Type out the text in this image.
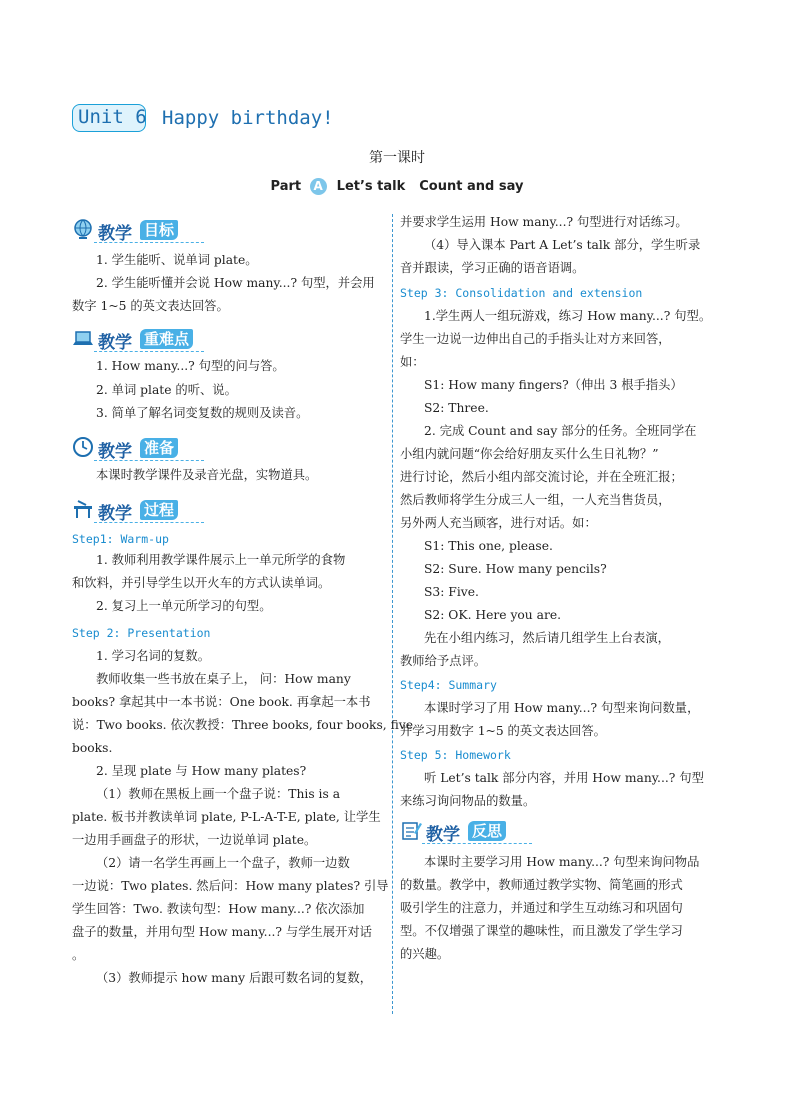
Unit 6 Happy birthday!
第一课时
Part A Let’s talk Count and say
教学 目标
1. 学生能听、说单词 plate。
2. 学生能听懂并会说 How many...? 句型，并会用
数字 1~5 的英文表达回答。
教学 重难点
1. How many...? 句型的问与答。
2. 单词 plate 的听、说。
3. 简单了解名词变复数的规则及读音。
教学 准备
本课时教学课件及录音光盘，实物道具。
教学 过程
Step1: Warm-up
1. 教师利用教学课件展示上一单元所学的食物
和饮料，并引导学生以开火车的方式认读单词。
2. 复习上一单元所学习的句型。
Step 2: Presentation
1. 学习名词的复数。
教师收集一些书放在桌子上， 问：How many
books? 拿起其中一本书说：One book. 再拿起一本书
说：Two books. 依次教授：Three books, four books, five
books.
2. 呈现 plate 与 How many plates?
（1）教师在黑板上画一个盘子说：This is a
plate. 板书并教读单词 plate, P-L-A-T-E, plate, 让学生
一边用手画盘子的形状，一边说单词 plate。
（2）请一名学生再画上一个盘子，教师一边数
一边说：Two plates. 然后问：How many plates? 引导
学生回答：Two. 教读句型：How many...? 依次添加
盘子的数量，并用句型 How many...? 与学生展开对话
。
（3）教师提示 how many 后跟可数名词的复数，
并要求学生运用 How many...? 句型进行对话练习。
（4）导入课本 Part A Let’s talk 部分，学生听录
音并跟读，学习正确的语音语调。
Step 3: Consolidation and extension
1.学生两人一组玩游戏，练习 How many...? 句型。
学生一边说一边伸出自己的手指头让对方来回答，
如：
S1: How many fingers?（伸出 3 根手指头）
S2: Three.
2. 完成 Count and say 部分的任务。全班同学在
小组内就问题“你会给好朋友买什么生日礼物？”
进行讨论，然后小组内部交流讨论，并在全班汇报；
然后教师将学生分成三人一组，一人充当售货员，
另外两人充当顾客，进行对话。如：
S1: This one, please.
S2: Sure. How many pencils?
S3: Five.
S2: OK. Here you are.
先在小组内练习，然后请几组学生上台表演，
教师给予点评。
Step4: Summary
本课时学习了用 How many...? 句型来询问数量，
并学习用数字 1~5 的英文表达回答。
Step 5: Homework
听 Let’s talk 部分内容，并用 How many...? 句型
来练习询问物品的数量。
教学 反思
本课时主要学习用 How many...? 句型来询问物品
的数量。教学中，教师通过教学实物、简笔画的形式
吸引学生的注意力，并通过和学生互动练习和巩固句
型。不仅增强了课堂的趣味性，而且激发了学生学习
的兴趣。
